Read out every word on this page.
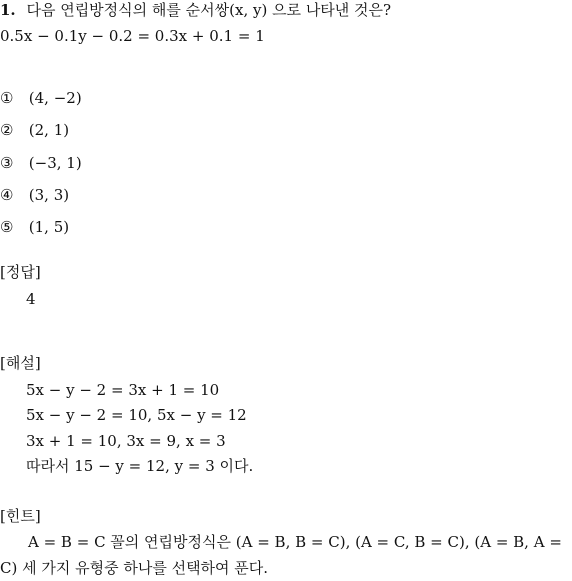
1. 다음 연립방정식의 해를 순서쌍(x, y) 으로 나타낸 것은?
0.5x − 0.1y − 0.2 = 0.3x + 0.1 = 1
① (4, −2)
② (2, 1)
③ (−3, 1)
④ (3, 3)
⑤ (1, 5)
[정답]
4
[해설]
5x − y − 2 = 3x + 1 = 10
5x − y − 2 = 10, 5x − y = 12
3x + 1 = 10, 3x = 9, x = 3
따라서 15 − y = 12, y = 3 이다.
[힌트]
A = B = C 꼴의 연립방정식은 (A = B, B = C), (A = C, B = C), (A = B, A = C) 세 가지 유형중 하나를 선택하여 푼다.
